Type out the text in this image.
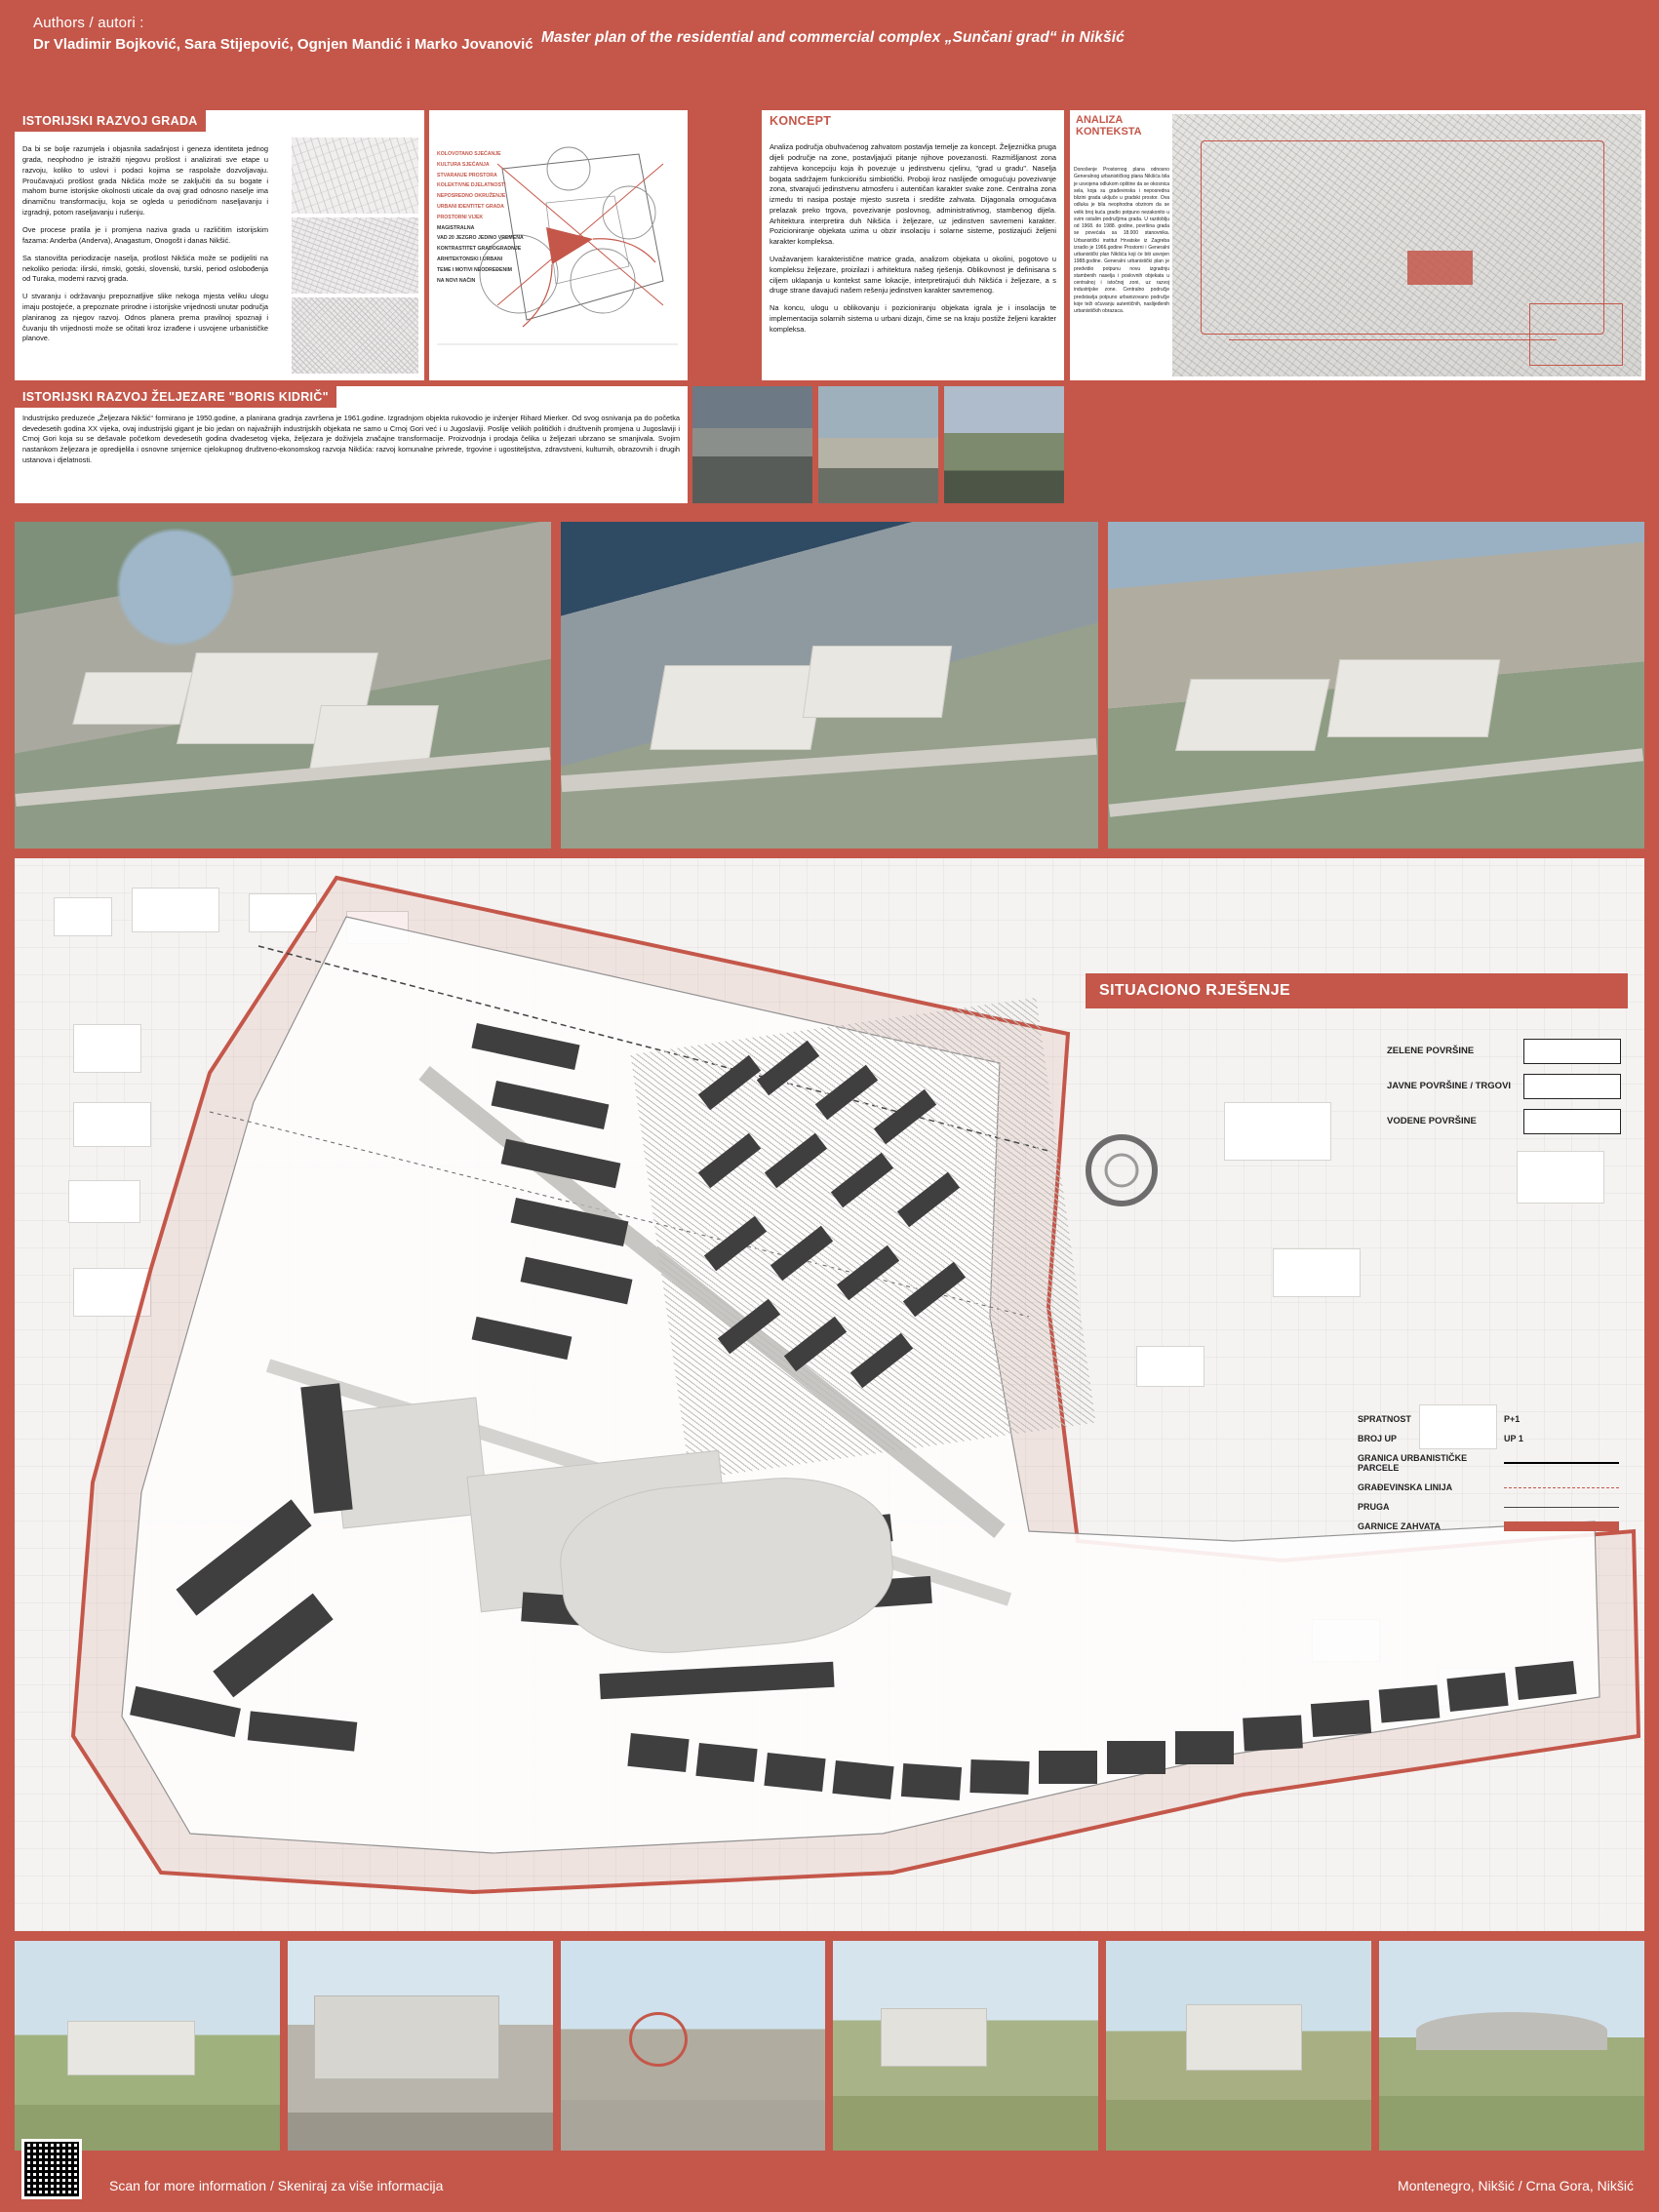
Authors / autori :
Dr Vladimir Bojković, Sara Stijepović, Ognjen Mandić i Marko Jovanović Master plan of the residential and commercial complex „Sunčani grad“ in Nikšić
ISTORIJSKI RAZVOJ GRADA

Da bi se bolje razumjela i objasnila sadašnjost i geneza identiteta jednog grada, neophodno je istražiti njegovu prošlost i analizirati sve etape u razvoju, koliko to uslovi i podaci kojima se raspolaže dozvoljavaju. Proučavajući prošlost grada Nikšića može se zaključiti da su bogate i mahom burne istorijske okolnosti uticale da ovaj grad odnosno naselje ima dinamičnu transformaciju, koja se ogleda u periodičnom naseljavanju i izgradnji, potom raseljavanju i rušenju.

Ove procese pratila je i promjena naziva grada u različitim istorijskim fazama: Anderba (Anderva), Anagastum, Onogošt i danas Nikšić.

Sa stanovišta periodizacije naselja, prošlost Nikšića može se podijeliti na nekoliko perioda: ilirski, rimski, gotski, slovenski, turski, period oslobođenja od Turaka, moderni razvoj grada.

U stvaranju i održavanju prepoznatljive slike nekoga mjesta veliku ulogu imaju postojeće, a prepoznate prirodne i istorijske vrijednosti unutar područja planiranog za njegov razvoj. Odnos planera prema pravilnoj spoznaji i čuvanju tih vrijednosti može se očitati kroz izrađene i usvojene urbanističke planove.

KOLOVOTANO SJEĆANJE
KULTURA SJEĆANJA
STVARANJE PROSTORA
KOLEKTIVNE DJELATNOSTI
NEPOSREDNO OKRUŽENJE
URBANI IDENTITET GRADA
PROSTORNI VIJEK
MAGISTRALNA
VAD 20 JEZGRO JEDINO VREMENA
KONTRASTITET GRADOGRADNJE
ARHITEKTONSKI I URBANI
TEME I MOTIVI NEODREĐENIM
NA NOVI NAČIN
KONCEPT

Analiza područja obuhvaćenog zahvatom postavlja temelje za koncept. Željeznička pruga dijeli područje na zone, postavljajući pitanje njihove povezanosti. Razmišljanost zona zahtijeva koncepciju koja ih povezuje u jedinstvenu cjelinu, "grad u gradu". Naselja bogata sadržajem funkcionišu simbiotički. Proboji kroz naslijeđe omogućuju povezivanje zona, stvarajući jedinstvenu atmosferu i autentičan karakter svake zone. Centralna zona izmedu tri nasipa postaje mjesto susreta i središte zahvata. Dijagonala omogućava prelazak preko trgova, povezivanje poslovnog, administrativnog, stambenog dijela. Arhitektura interpretira duh Nikšića i željezare, uz jedinstven savremeni karakter. Pozicioniranje objekata uzima u obzir insolaciju i solarne sisteme, postizajući željeni karakter kompleksa.

Uvažavanjem karakteristične matrice grada, analizom objekata u okolini, pogotovo u kompleksu željezare, proizilazi i arhitektura našeg rješenja. Oblikovnost je definisana s ciljem uklapanja u kontekst same lokacije, interpretirajući duh Nikšića i željezare, a s druge strane davajući našem rešenju jedinstven karakter savremenog.

Na koncu, ulogu u oblikovanju i pozicioniranju objekata igrala je i insolacija te implementacija solarnih sistema u urbani dizajn, čime se na kraju postiže željeni karakter kompleksa.

ANALIZA
KONTEKSTA
Donošenje Prostornog plana odnosno Generalnog urbanističkog plana Nikšića bila je usvojena odlukom opštine da se okosnica sela, koja su građevinska i neposredna blizini grada uključe u gradski prostor. Ova odluka je bila neophodna obzirom da se velik broj kuća gradio potpuno nezakonito u svim ostalim područjima grada. U razdoblju od 1968. do 1988. godine, površina grada se povećala sa 18.000 stanovnika. Urbanistički institut Hrvatske iz Zagreba izradio je 1966.godine Prostorni i Generalni urbanistički plan Nikšića koji će biti usvojen 1988.godine. Generalni urbanistički plan je predvidio potpunu novu izgradnju stambenih naselja i poslovnih objekata u centralnoj i istočnoj zoni, uz razvoj industrijske zone. Centralno područje predstavlja potpuno urbanizovano područje koje teži očuvanju autentičnih, naslijeđenih urbanističkih obrazaca.
ISTORIJSKI RAZVOJ ŽELJEZARE "BORIS KIDRIČ"

Industrijsko preduzeće „Željezara Nikšić“ formirano je 1950.godine, a planirana gradnja završena je 1961.godine. Izgradnjom objekta rukovodio je inženjer Rihard Mierker. Od svog osnivanja pa do početka devedesetih godina XX vijeka, ovaj industrijski gigant je bio jedan on najvažnijih industrijskih objekata ne samo u Crnoj Gori već i u Jugoslaviji. Poslije velikih političkih i društvenih promjena u Jugoslaviji i Crnoj Gori koja su se dešavale početkom devedesetih godina dvadesetog vijeka, željezara je doživjela značajne transformacije. Proizvodnja i prodaja čelika u željezari ubrzano se smanjivala. Svojim nastankom željezara je opredijelila i osnovne smjernice cjelokupnog društveno-ekonomskog razvoja Nikšića: razvoj komunalne privrede, trgovine i ugostiteljstva, zdravstveni, kulturnih, obrazovnih i drugih ustanova i djelatnosti.

SITUACIONO RJEŠENJE
ZELENE POVRŠINE
JAVNE POVRŠINE / TRGOVI
VODENE POVRŠINE
SPRATNOST	P+1
BROJ UP	UP 1
GRANICA URBANISTIČKE PARCELE
GRAĐEVINSKA LINIJA
PRUGA
GARNICE ZAHVATA
Scan for more information / Skeniraj za više informacija	Montenegro, Nikšić / Crna Gora, Nikšić
